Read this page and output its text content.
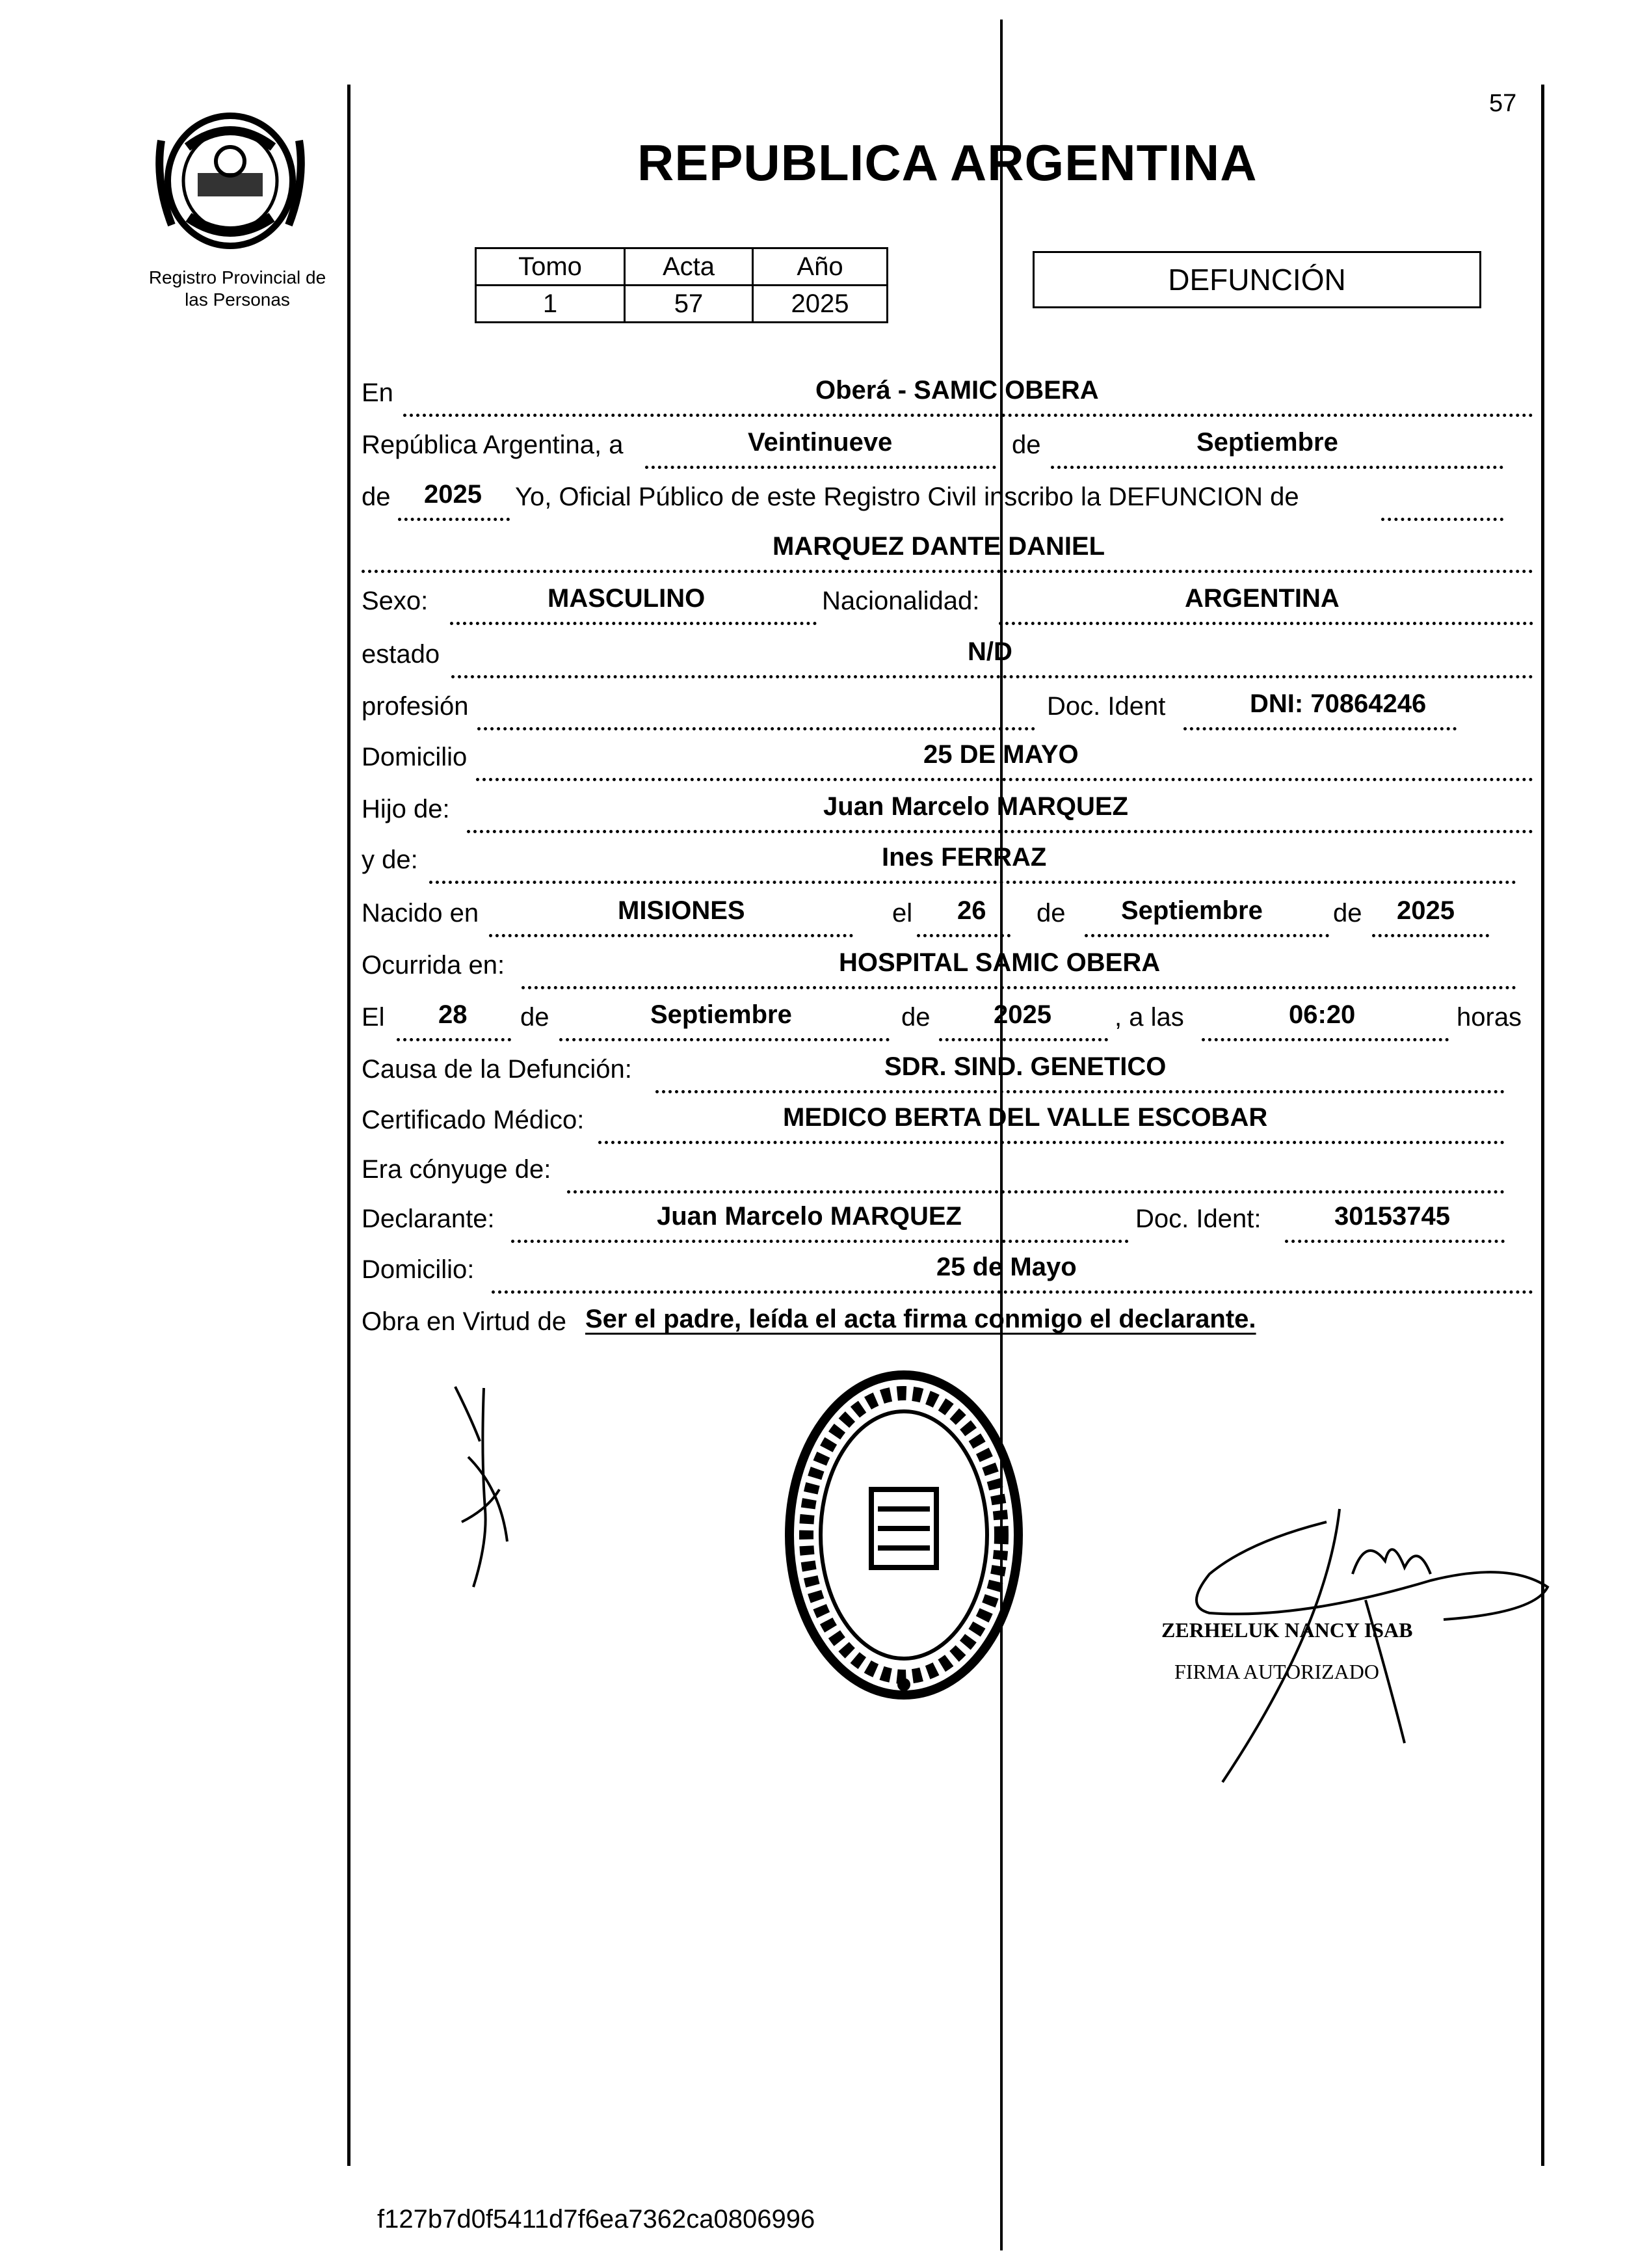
Registro Provincial de
las Personas
57
REPUBLICA ARGENTINA
Tomo	Acta	Año
1	57	2025
DEFUNCIÓN
En	Oberá - SAMIC OBERA
República Argentina, a	Veintinueve	de	Septiembre
de 2025 Yo, Oficial Público de este Registro Civil inscribo la DEFUNCION de
MARQUEZ DANTE DANIEL
Sexo:	MASCULINO	Nacionalidad:	ARGENTINA
estado	N/D
profesión	Doc. Ident	DNI: 70864246
Domicilio	25 DE MAYO
Hijo de:	Juan Marcelo MARQUEZ
y de:	Ines FERRAZ
Nacido en	MISIONES	el 26 de Septiembre	de 2025
Ocurrida en:	HOSPITAL SAMIC OBERA
El 28 de	Septiembre	de 2025 , a las	06:20	horas
Causa de la Defunción:	SDR. SIND. GENETICO
Certificado Médico:	MEDICO BERTA DEL VALLE ESCOBAR
Era cónyuge de:
Declarante:	Juan Marcelo MARQUEZ	Doc. Ident:	30153745
Domicilio:	25 de Mayo
Obra en Virtud de Ser el padre, leída el acta firma conmigo el declarante.
ZERHELUK NANCY ISAB
FIRMA AUTORIZADO
f127b7d0f5411d7f6ea7362ca0806996
